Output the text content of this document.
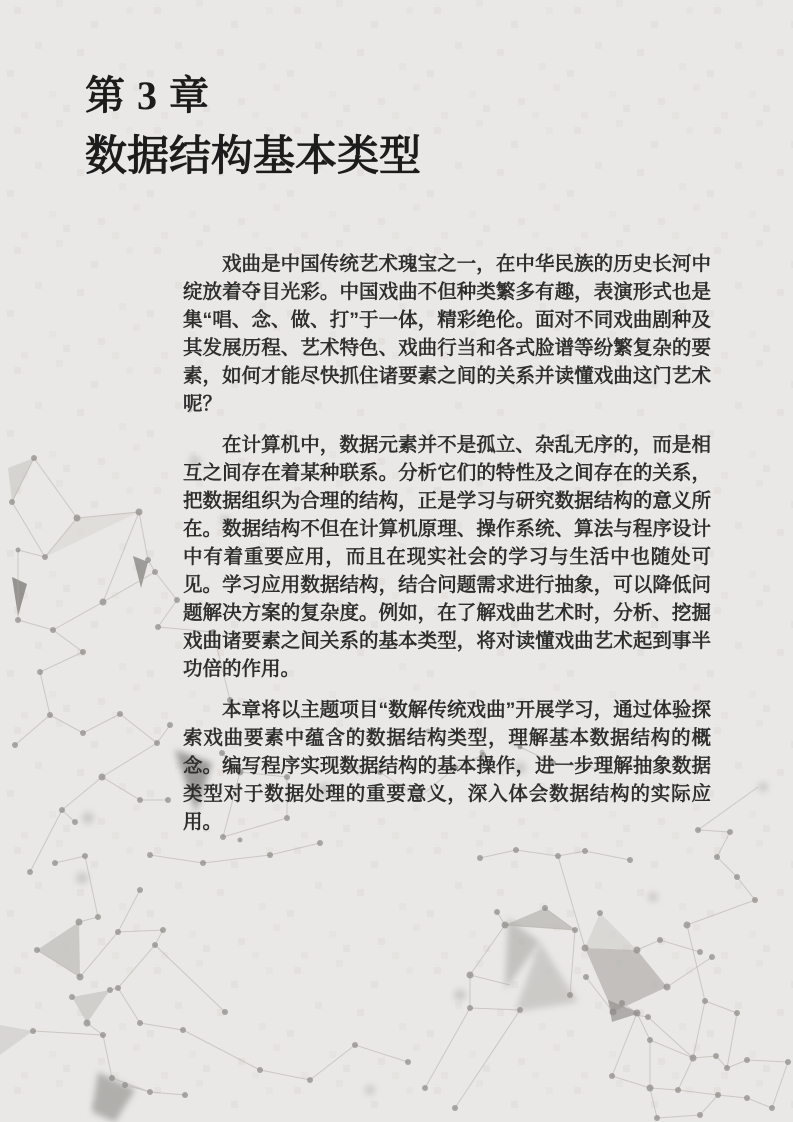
第 3 章
数据结构基本类型

戏曲是中国传统艺术瑰宝之一，在中华民族的历史长河中绽放着夺目光彩。中国戏曲不但种类繁多有趣，表演形式也是集“唱、念、做、打”于一体，精彩绝伦。面对不同戏曲剧种及其发展历程、艺术特色、戏曲行当和各式脸谱等纷繁复杂的要素，如何才能尽快抓住诸要素之间的关系并读懂戏曲这门艺术呢？

在计算机中，数据元素并不是孤立、杂乱无序的，而是相互之间存在着某种联系。分析它们的特性及之间存在的关系，把数据组织为合理的结构，正是学习与研究数据结构的意义所在。数据结构不但在计算机原理、操作系统、算法与程序设计中有着重要应用，而且在现实社会的学习与生活中也随处可见。学习应用数据结构，结合问题需求进行抽象，可以降低问题解决方案的复杂度。例如，在了解戏曲艺术时，分析、挖掘戏曲诸要素之间关系的基本类型，将对读懂戏曲艺术起到事半功倍的作用。

本章将以主题项目“数解传统戏曲”开展学习，通过体验探索戏曲要素中蕴含的数据结构类型，理解基本数据结构的概念。编写程序实现数据结构的基本操作，进一步理解抽象数据类型对于数据处理的重要意义，深入体会数据结构的实际应用。
